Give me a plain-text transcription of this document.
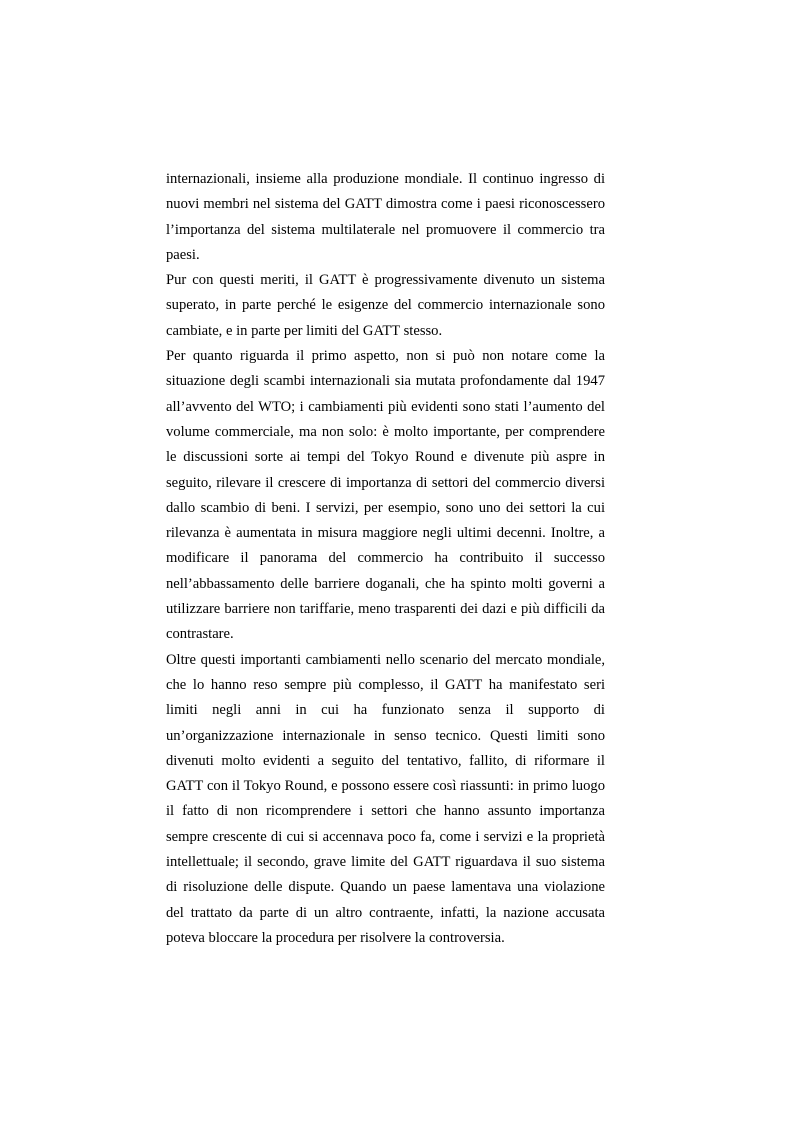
internazionali, insieme alla produzione mondiale. Il continuo ingresso di nuovi membri nel sistema del GATT dimostra come i paesi riconoscessero l’importanza del sistema multilaterale nel promuovere il commercio tra paesi.

Pur con questi meriti, il GATT è progressivamente divenuto un sistema superato, in parte perché le esigenze del commercio internazionale sono cambiate, e in parte per limiti del GATT stesso.

Per quanto riguarda il primo aspetto, non si può non notare come la situazione degli scambi internazionali sia mutata profondamente dal 1947 all’avvento del WTO; i cambiamenti più evidenti sono stati l’aumento del volume commerciale, ma non solo: è molto importante, per comprendere le discussioni sorte ai tempi del Tokyo Round e divenute più aspre in seguito, rilevare il crescere di importanza di settori del commercio diversi dallo scambio di beni. I servizi, per esempio, sono uno dei settori la cui rilevanza è aumentata in misura maggiore negli ultimi decenni. Inoltre, a modificare il panorama del commercio ha contribuito il successo nell’abbassamento delle barriere doganali, che ha spinto molti governi a utilizzare barriere non tariffarie, meno trasparenti dei dazi e più difficili da contrastare.

Oltre questi importanti cambiamenti nello scenario del mercato mondiale, che lo hanno reso sempre più complesso, il GATT ha manifestato seri limiti negli anni in cui ha funzionato senza il supporto di un’organizzazione internazionale in senso tecnico. Questi limiti sono divenuti molto evidenti a seguito del tentativo, fallito, di riformare il GATT con il Tokyo Round, e possono essere così riassunti: in primo luogo il fatto di non ricomprendere i settori che hanno assunto importanza sempre crescente di cui si accennava poco fa, come i servizi e la proprietà intellettuale; il secondo, grave limite del GATT riguardava il suo sistema di risoluzione delle dispute. Quando un paese lamentava una violazione del trattato da parte di un altro contraente, infatti, la nazione accusata poteva bloccare la procedura per risolvere la controversia.
